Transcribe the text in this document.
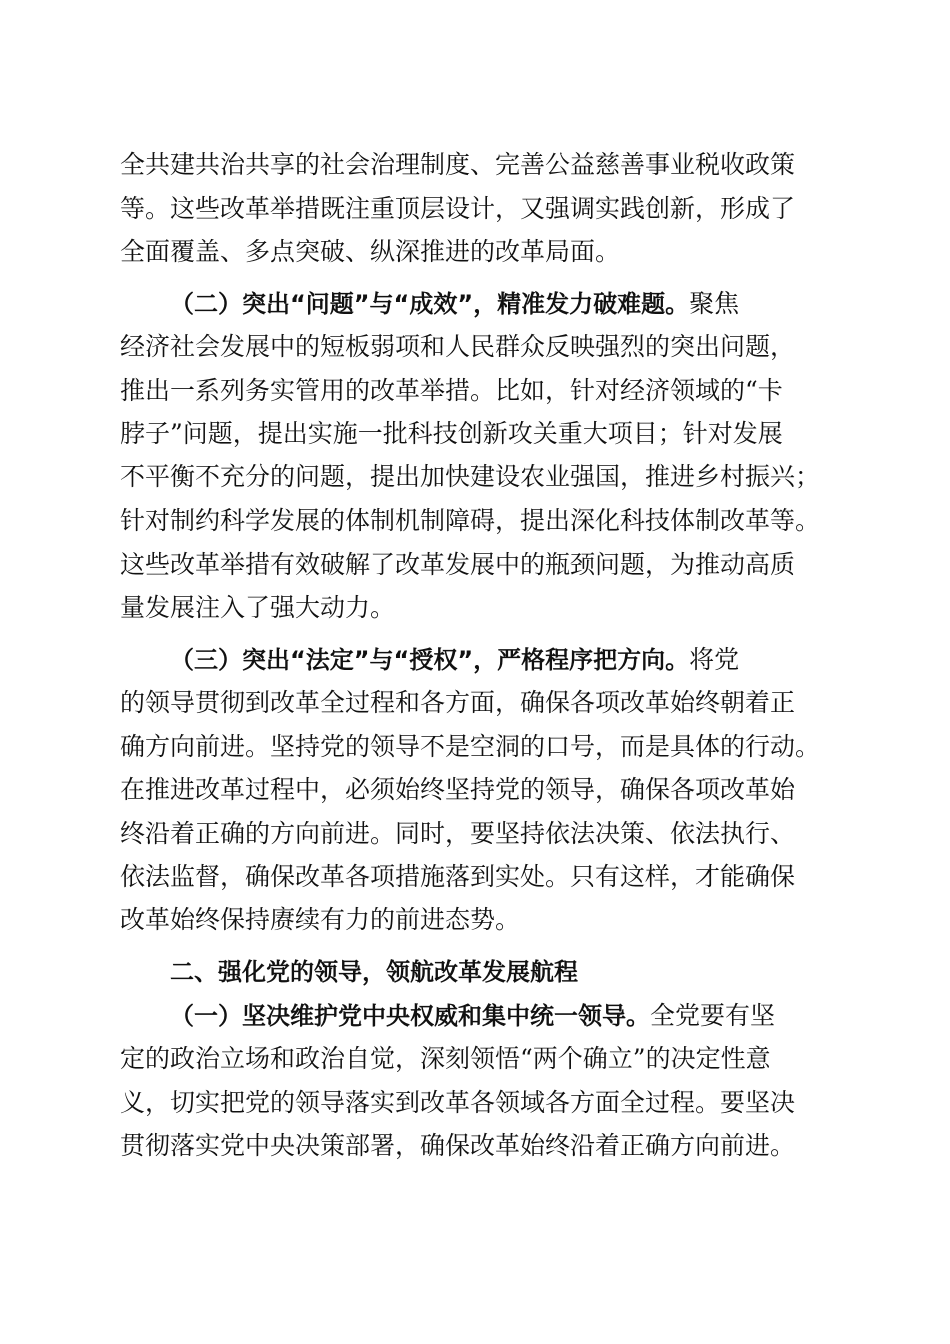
全共建共治共享的社会治理制度、完善公益慈善事业税收政策
等。这些改革举措既注重顶层设计，又强调实践创新，形成了
全面覆盖、多点突破、纵深推进的改革局面。
（二）突出“问题”与“成效”，精准发力破难题。聚焦
经济社会发展中的短板弱项和人民群众反映强烈的突出问题，
推出一系列务实管用的改革举措。比如，针对经济领域的“卡
脖子”问题，提出实施一批科技创新攻关重大项目；针对发展
不平衡不充分的问题，提出加快建设农业强国，推进乡村振兴；
针对制约科学发展的体制机制障碍，提出深化科技体制改革等。
这些改革举措有效破解了改革发展中的瓶颈问题，为推动高质
量发展注入了强大动力。
（三）突出“法定”与“授权”，严格程序把方向。将党
的领导贯彻到改革全过程和各方面，确保各项改革始终朝着正
确方向前进。坚持党的领导不是空洞的口号，而是具体的行动。
在推进改革过程中，必须始终坚持党的领导，确保各项改革始
终沿着正确的方向前进。同时，要坚持依法决策、依法执行、
依法监督，确保改革各项措施落到实处。只有这样，才能确保
改革始终保持赓续有力的前进态势。
二、强化党的领导，领航改革发展航程
（一）坚决维护党中央权威和集中统一领导。全党要有坚
定的政治立场和政治自觉，深刻领悟“两个确立”的决定性意
义，切实把党的领导落实到改革各领域各方面全过程。要坚决
贯彻落实党中央决策部署，确保改革始终沿着正确方向前进。
